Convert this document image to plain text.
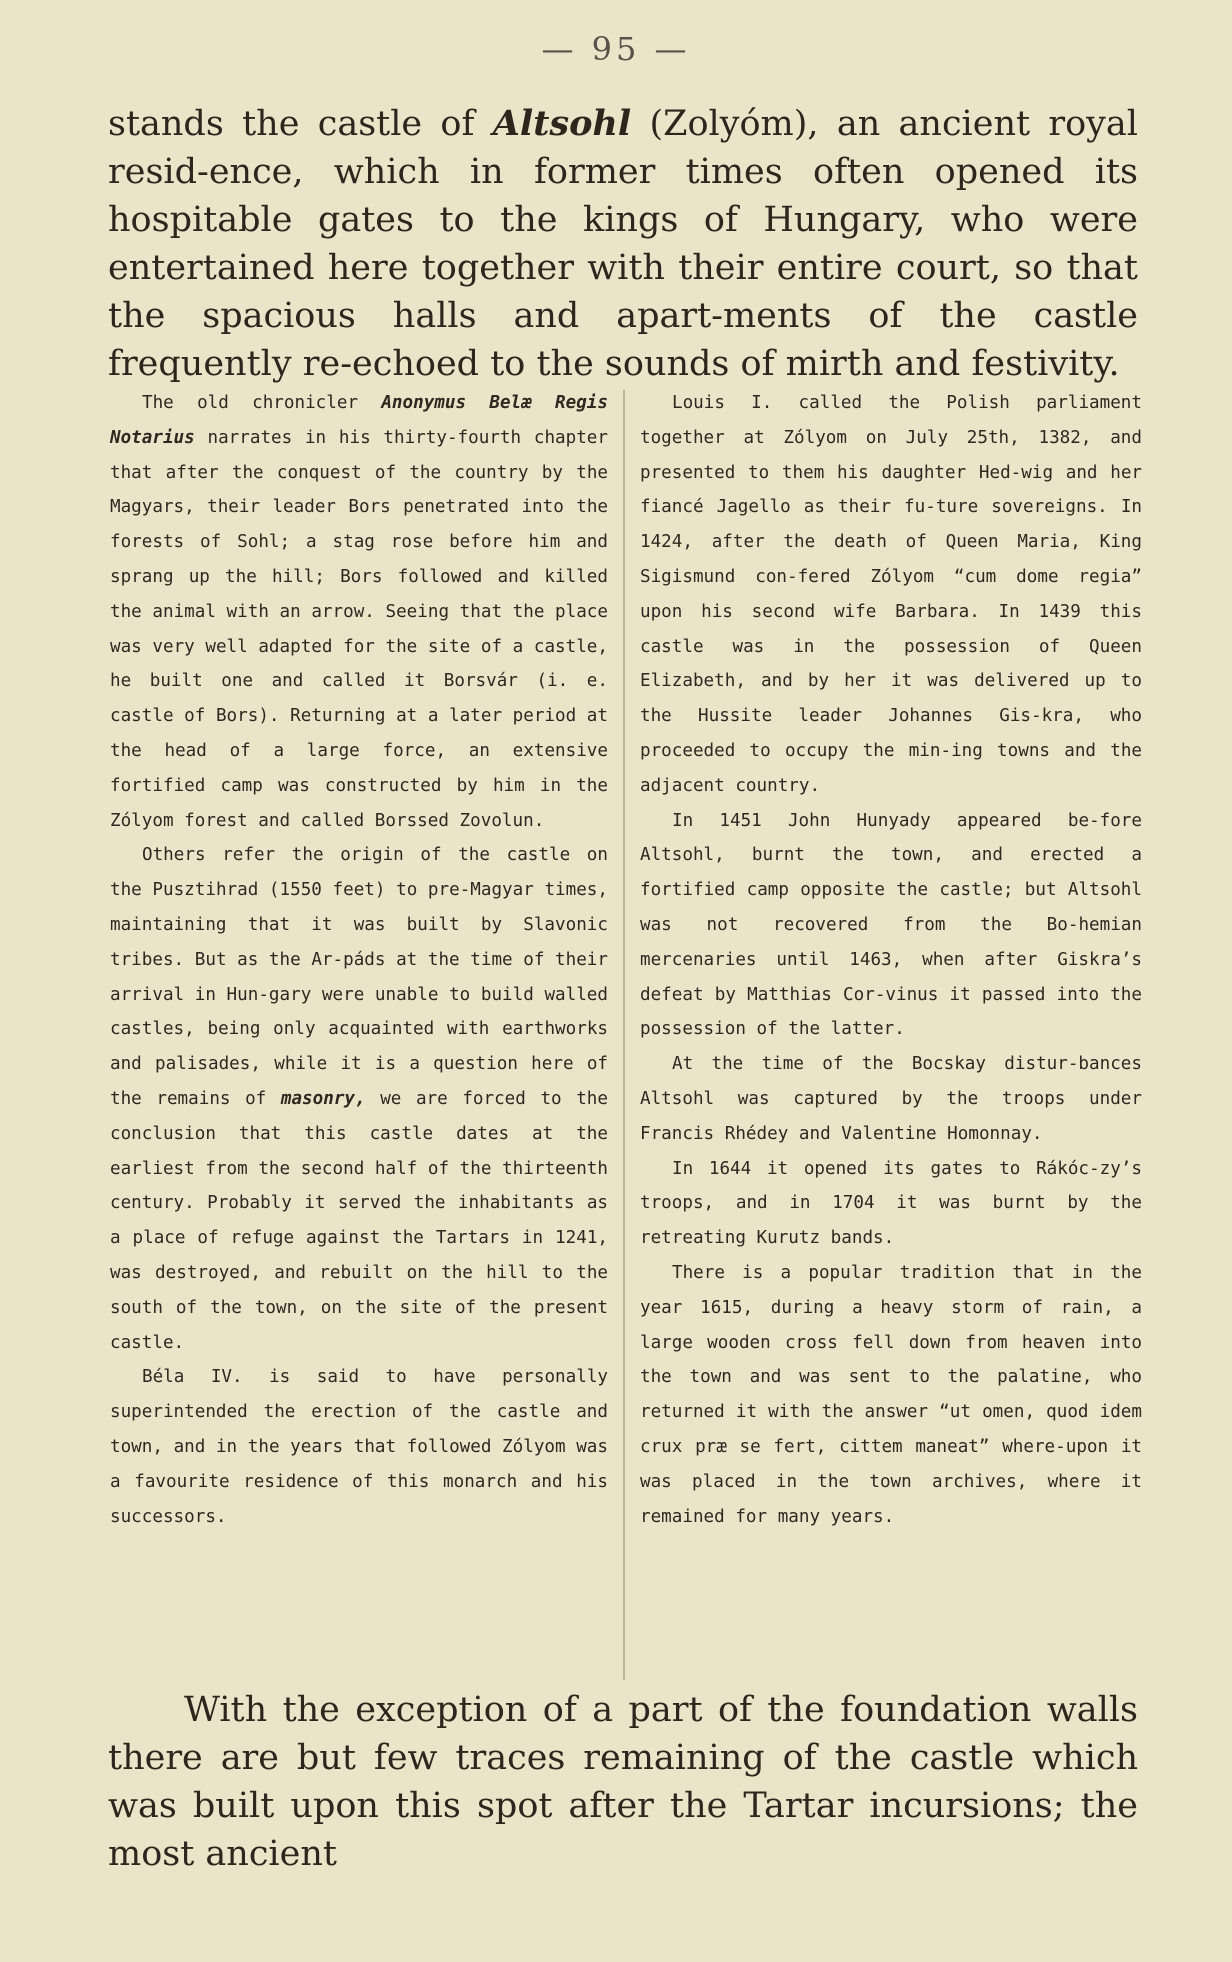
— 95 —
stands the castle of Altsohl (Zolyóm), an ancient royal resid-ence, which in former times often opened its hospitable gates to the kings of Hungary, who were entertained here together with their entire court, so that the spacious halls and apart-ments of the castle frequently re-echoed to the sounds of mirth and festivity.

The old chronicler Anonymus Belæ Regis Notarius narrates in his thirty-fourth chapter that after the conquest of the country by the Magyars, their leader Bors penetrated into the forests of Sohl; a stag rose before him and sprang up the hill; Bors followed and killed the animal with an arrow. Seeing that the place was very well adapted for the site of a castle, he built one and called it Borsvár (i. e. castle of Bors). Returning at a later period at the head of a large force, an extensive fortified camp was constructed by him in the Zólyom forest and called Borssed Zovolun.

Others refer the origin of the castle on the Pusztihrad (1550 feet) to pre-Magyar times, maintaining that it was built by Slavonic tribes. But as the Ar-páds at the time of their arrival in Hun-gary were unable to build walled castles, being only acquainted with earthworks and palisades, while it is a question here of the remains of masonry, we are forced to the conclusion that this castle dates at the earliest from the second half of the thirteenth century. Probably it served the inhabitants as a place of refuge against the Tartars in 1241, was destroyed, and rebuilt on the hill to the south of the town, on the site of the present castle.

Béla IV. is said to have personally superintended the erection of the castle and town, and in the years that followed Zólyom was a favourite residence of this monarch and his successors.

Louis I. called the Polish parliament together at Zólyom on July 25th, 1382, and presented to them his daughter Hed-wig and her fiancé Jagello as their fu-ture sovereigns. In 1424, after the death of Queen Maria, King Sigismund con-fered Zólyom “cum dome regia” upon his second wife Barbara. In 1439 this castle was in the possession of Queen Elizabeth, and by her it was delivered up to the Hussite leader Johannes Gis-kra, who proceeded to occupy the min-ing towns and the adjacent country.

In 1451 John Hunyady appeared be-fore Altsohl, burnt the town, and erected a fortified camp opposite the castle; but Altsohl was not recovered from the Bo-hemian mercenaries until 1463, when after Giskra’s defeat by Matthias Cor-vinus it passed into the possession of the latter.

At the time of the Bocskay distur-bances Altsohl was captured by the troops under Francis Rhédey and Valentine Homonnay.

In 1644 it opened its gates to Rákóc-zy’s troops, and in 1704 it was burnt by the retreating Kurutz bands.

There is a popular tradition that in the year 1615, during a heavy storm of rain, a large wooden cross fell down from heaven into the town and was sent to the palatine, who returned it with the answer “ut omen, quod idem crux præ se fert, cittem maneat” where-upon it was placed in the town archives, where it remained for many years.

With the exception of a part of the foundation walls there are but few traces remaining of the castle which was built upon this spot after the Tartar incursions; the most ancient
